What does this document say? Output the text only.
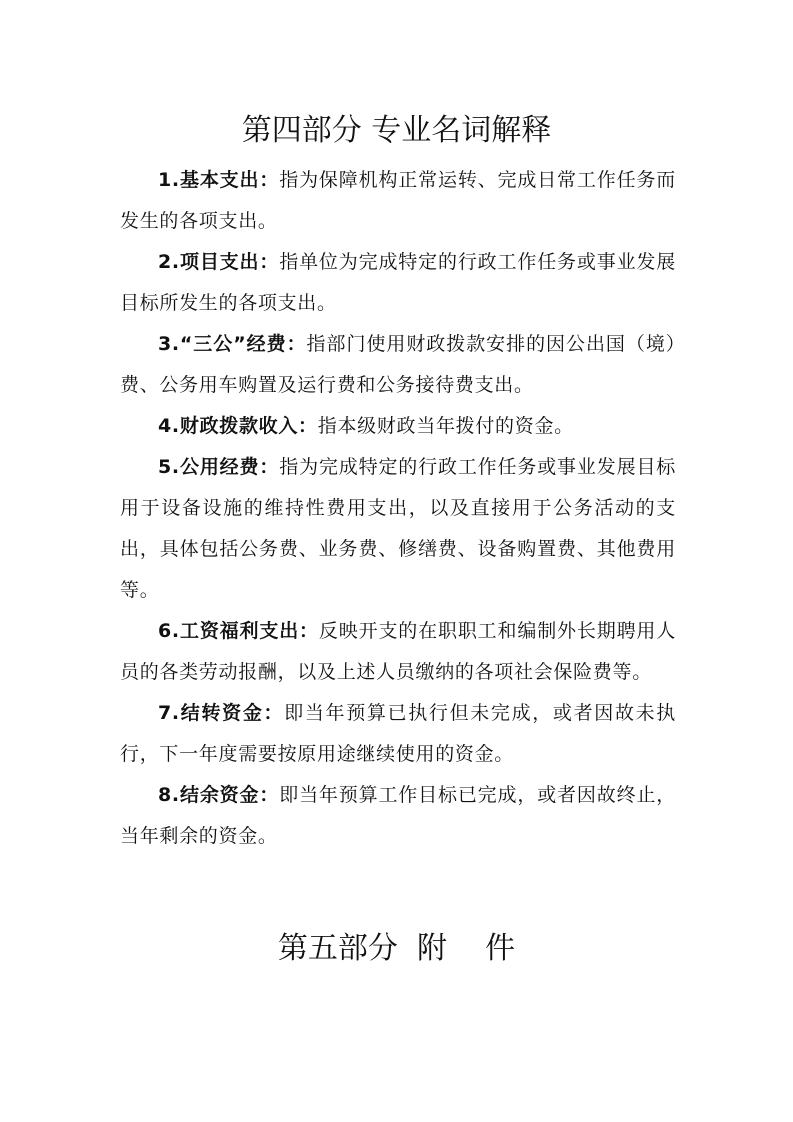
第四部分 专业名词解释

1.基本支出：指为保障机构正常运转、完成日常工作任务而发生的各项支出。

2.项目支出：指单位为完成特定的行政工作任务或事业发展目标所发生的各项支出。

3.“三公”经费：指部门使用财政拨款安排的因公出国（境）费、公务用车购置及运行费和公务接待费支出。

4.财政拨款收入：指本级财政当年拨付的资金。

5.公用经费：指为完成特定的行政工作任务或事业发展目标用于设备设施的维持性费用支出，以及直接用于公务活动的支出，具体包括公务费、业务费、修缮费、设备购置费、其他费用等。

6.工资福利支出：反映开支的在职职工和编制外长期聘用人员的各类劳动报酬，以及上述人员缴纳的各项社会保险费等。

7.结转资金：即当年预算已执行但未完成，或者因故未执行，下一年度需要按原用途继续使用的资金。

8.结余资金：即当年预算工作目标已完成，或者因故终止，当年剩余的资金。

第五部分  附    件
